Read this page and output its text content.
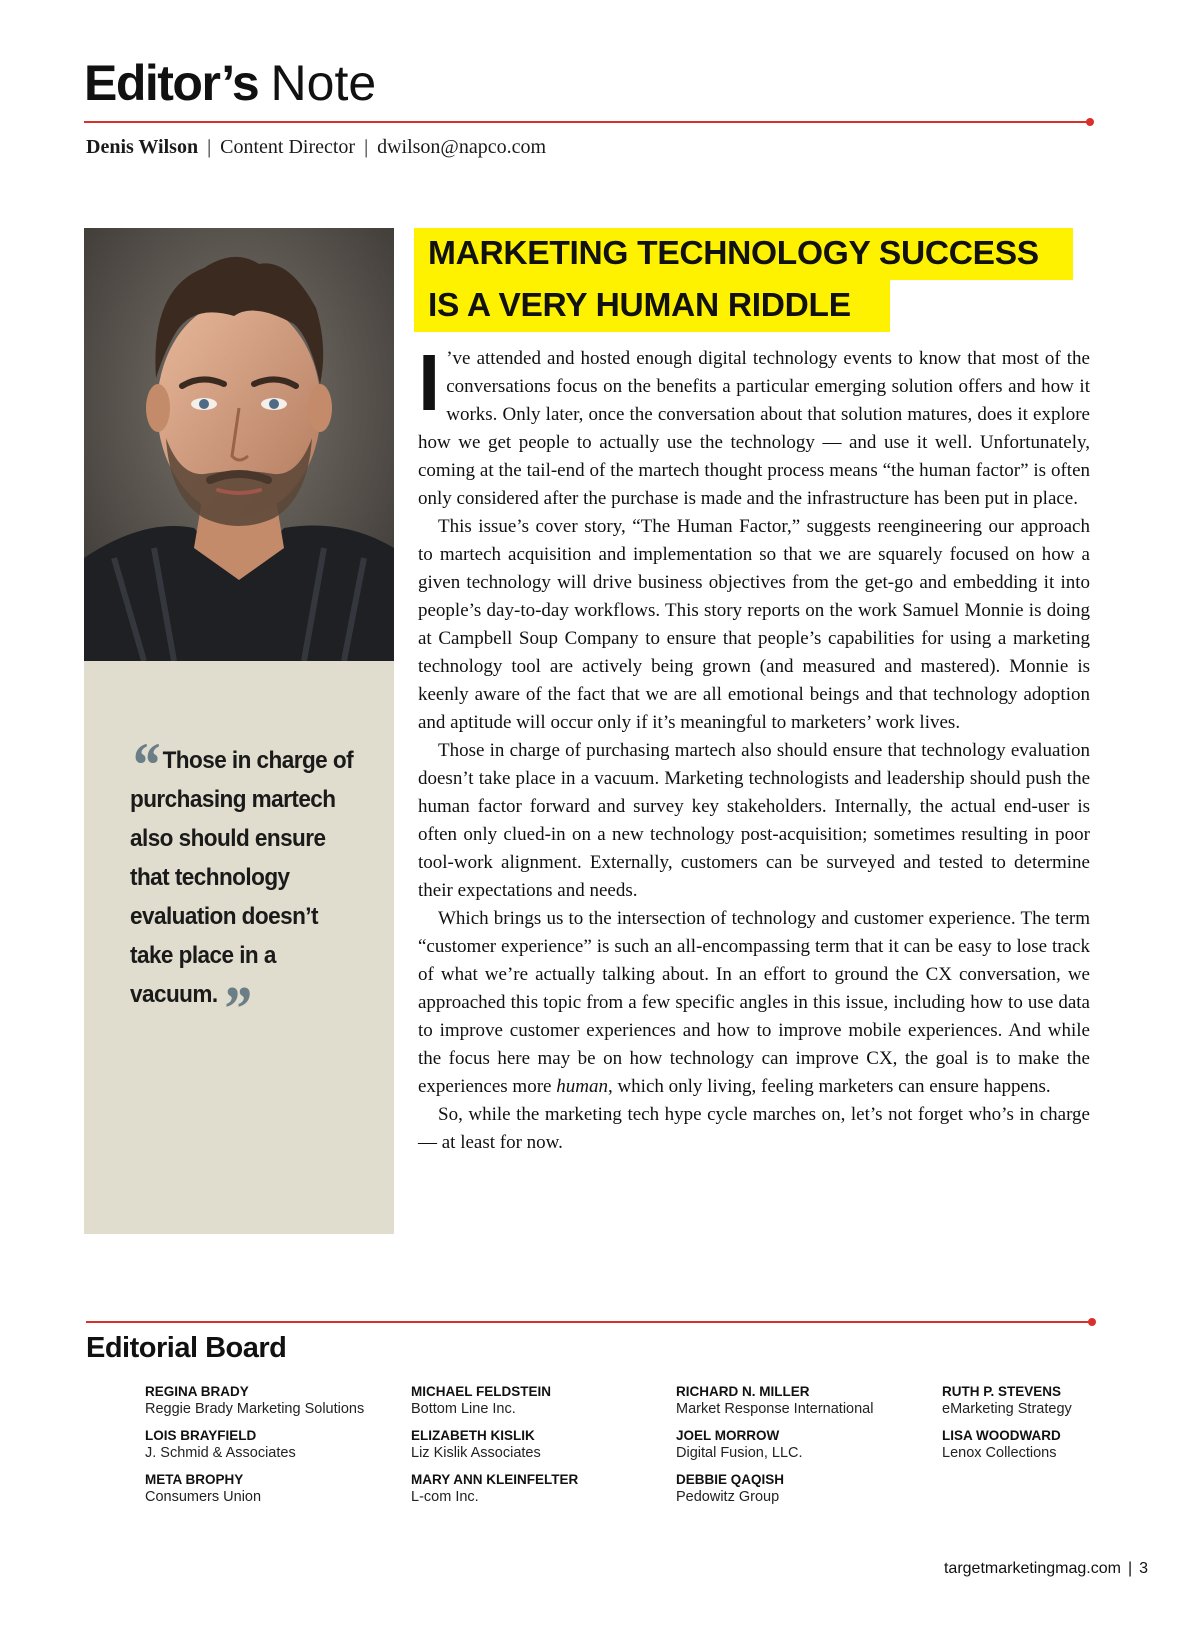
Editor’s Note
Denis Wilson | Content Director | dwilson@napco.com
“ Those in charge of purchasing martech also should ensure that technology evaluation doesn’t take place in a vacuum.”
MARKETING TECHNOLOGY SUCCESS
IS A VERY HUMAN RIDDLE

I ’ve attended and hosted enough digital technology events to know that most of the conversations focus on the benefits a particular emerging solution offers and how it works. Only later, once the conversation about that solution matures, does it explore how we get people to actually use the technology — and use it well. Unfortunately, coming at the tail-end of the martech thought process means “the human factor” is often only considered after the purchase is made and the infrastructure has been put in place.

This issue’s cover story, “The Human Factor,” suggests reengineering our approach to martech acquisition and implementation so that we are squarely focused on how a given technology will drive business objectives from the get-go and embedding it into people’s day-to-day workflows. This story reports on the work Samuel Monnie is doing at Campbell Soup Company to ensure that people’s capabilities for using a marketing technology tool are actively being grown (and measured and mastered). Monnie is keenly aware of the fact that we are all emotional beings and that technology adoption and aptitude will occur only if it’s meaningful to marketers’ work lives.

Those in charge of purchasing martech also should ensure that technology evaluation doesn’t take place in a vacuum. Marketing technologists and leadership should push the human factor forward and survey key stakeholders. Internally, the actual end-user is often only clued-in on a new technology post-acquisition; sometimes resulting in poor tool-work alignment. Externally, customers can be surveyed and tested to determine their expectations and needs.

Which brings us to the intersection of technology and customer experience. The term “customer experience” is such an all-encompassing term that it can be easy to lose track of what we’re actually talking about. In an effort to ground the CX conversation, we approached this topic from a few specific angles in this issue, including how to use data to improve customer experiences and how to improve mobile experiences. And while the focus here may be on how technology can improve CX, the goal is to make the experiences more human, which only living, feeling marketers can ensure happens.

So, while the marketing tech hype cycle marches on, let’s not forget who’s in charge — at least for now.

Editorial Board
REGINA BRADY
Reggie Brady Marketing Solutions
LOIS BRAYFIELD
J. Schmid & Associates
META BROPHY
Consumers Union
MICHAEL FELDSTEIN
Bottom Line Inc.
ELIZABETH KISLIK
Liz Kislik Associates
MARY ANN KLEINFELTER
L-com Inc.
RICHARD N. MILLER
Market Response International
JOEL MORROW
Digital Fusion, LLC.
DEBBIE QAQISH
Pedowitz Group
RUTH P. STEVENS
eMarketing Strategy
LISA WOODWARD
Lenox Collections
targetmarketingmag.com | 3
